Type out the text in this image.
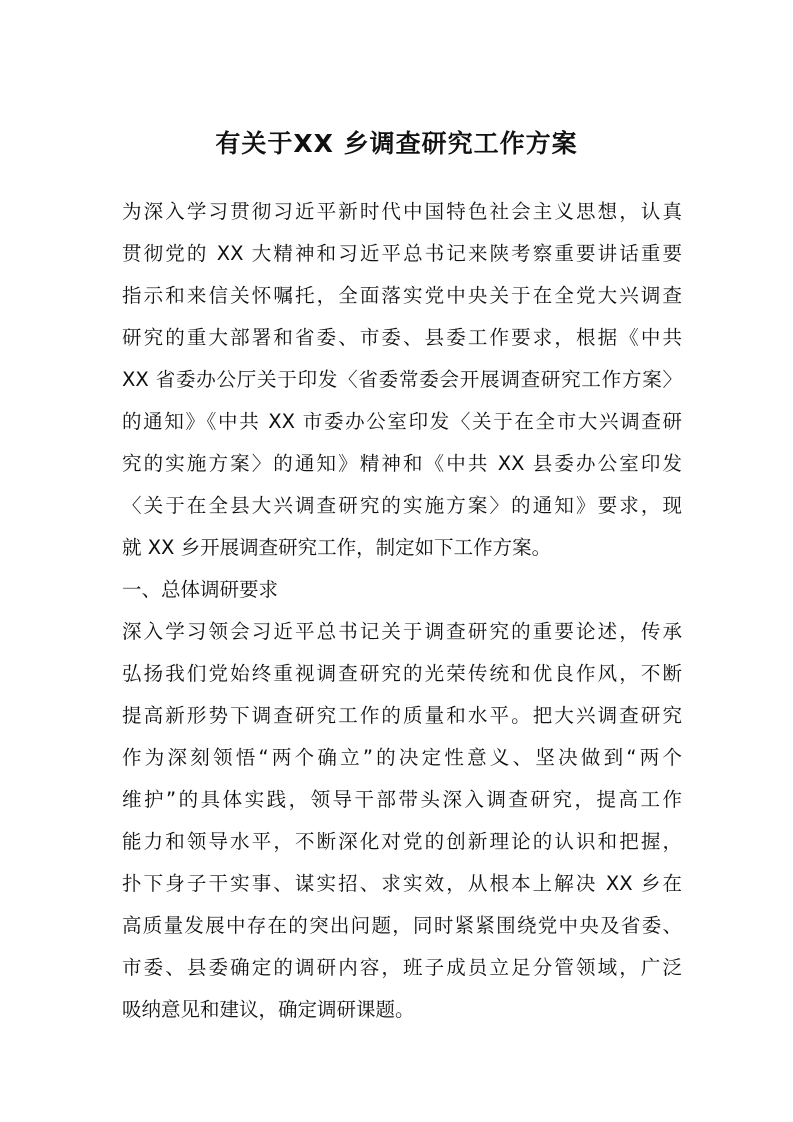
有关于XX 乡调查研究工作方案
为深入学习贯彻习近平新时代中国特色社会主义思想，认真
贯彻党的 XX 大精神和习近平总书记来陕考察重要讲话重要
指示和来信关怀嘱托，全面落实党中央关于在全党大兴调查
研究的重大部署和省委、市委、县委工作要求，根据《中共
XX 省委办公厅关于印发〈省委常委会开展调查研究工作方案〉
的通知》《中共 XX 市委办公室印发〈关于在全市大兴调查研
究的实施方案〉的通知》精神和《中共 XX 县委办公室印发
〈关于在全县大兴调查研究的实施方案〉的通知》要求，现
就 XX 乡开展调查研究工作，制定如下工作方案。
一、总体调研要求
深入学习领会习近平总书记关于调查研究的重要论述，传承
弘扬我们党始终重视调查研究的光荣传统和优良作风，不断
提高新形势下调查研究工作的质量和水平。把大兴调查研究
作为深刻领悟“两个确立”的决定性意义、坚决做到“两个
维护”的具体实践，领导干部带头深入调查研究，提高工作
能力和领导水平，不断深化对党的创新理论的认识和把握，
扑下身子干实事、谋实招、求实效，从根本上解决 XX 乡在
高质量发展中存在的突出问题，同时紧紧围绕党中央及省委、
市委、县委确定的调研内容，班子成员立足分管领域，广泛
吸纳意见和建议，确定调研课题。
